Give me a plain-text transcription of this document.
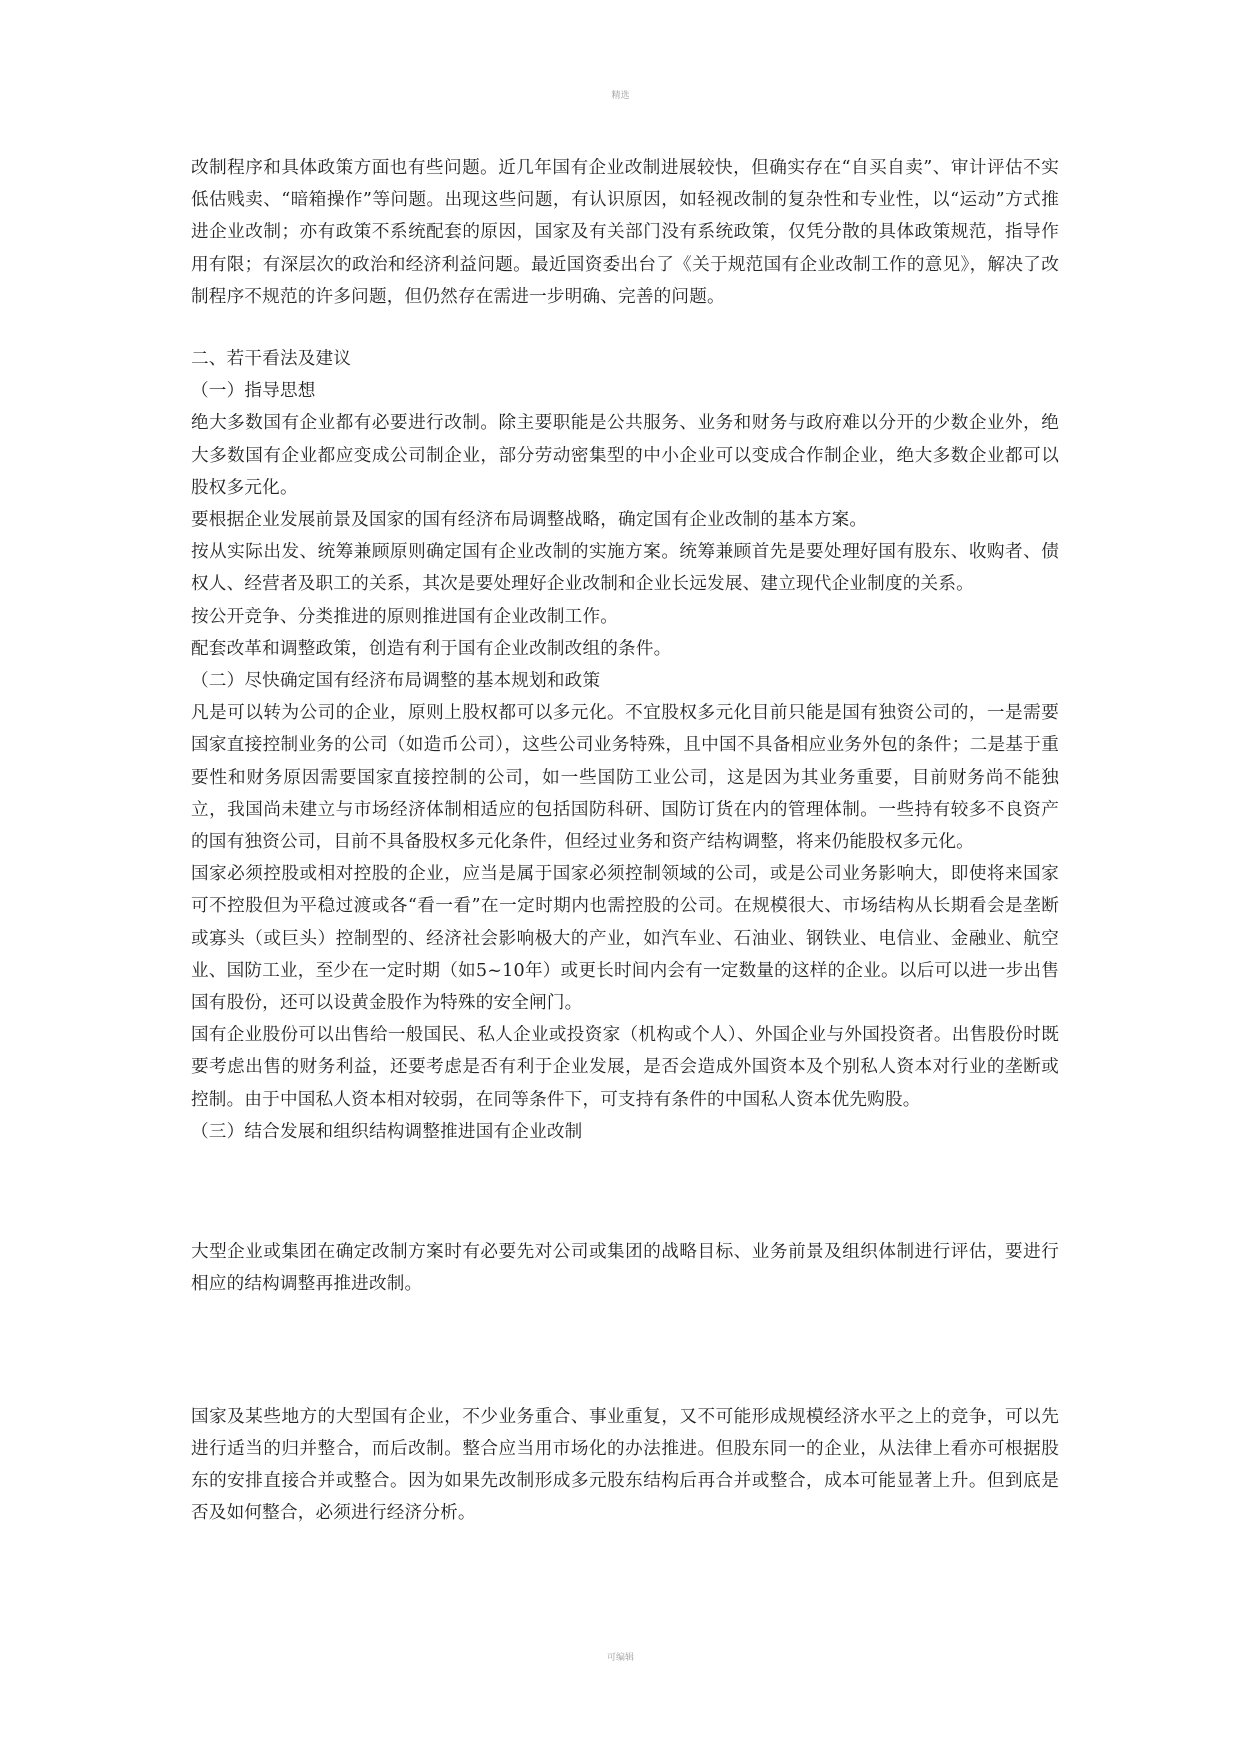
精选

改制程序和具体政策方面也有些问题。近几年国有企业改制进展较快，但确实存在“自买自卖”、审计评估不实低估贱卖、“暗箱操作”等问题。出现这些问题，有认识原因，如轻视改制的复杂性和专业性，以“运动”方式推进企业改制；亦有政策不系统配套的原因，国家及有关部门没有系统政策，仅凭分散的具体政策规范，指导作用有限；有深层次的政治和经济利益问题。最近国资委出台了《关于规范国有企业改制工作的意见》，解决了改制程序不规范的许多问题，但仍然存在需进一步明确、完善的问题。

二、若干看法及建议

（一）指导思想

绝大多数国有企业都有必要进行改制。除主要职能是公共服务、业务和财务与政府难以分开的少数企业外，绝大多数国有企业都应变成公司制企业，部分劳动密集型的中小企业可以变成合作制企业，绝大多数企业都可以股权多元化。

要根据企业发展前景及国家的国有经济布局调整战略，确定国有企业改制的基本方案。

按从实际出发、统筹兼顾原则确定国有企业改制的实施方案。统筹兼顾首先是要处理好国有股东、收购者、债权人、经营者及职工的关系，其次是要处理好企业改制和企业长远发展、建立现代企业制度的关系。

按公开竞争、分类推进的原则推进国有企业改制工作。

配套改革和调整政策，创造有利于国有企业改制改组的条件。

（二）尽快确定国有经济布局调整的基本规划和政策

凡是可以转为公司的企业，原则上股权都可以多元化。不宜股权多元化目前只能是国有独资公司的，一是需要国家直接控制业务的公司（如造币公司），这些公司业务特殊，且中国不具备相应业务外包的条件；二是基于重要性和财务原因需要国家直接控制的公司，如一些国防工业公司，这是因为其业务重要，目前财务尚不能独立，我国尚未建立与市场经济体制相适应的包括国防科研、国防订货在内的管理体制。一些持有较多不良资产的国有独资公司，目前不具备股权多元化条件，但经过业务和资产结构调整，将来仍能股权多元化。

国家必须控股或相对控股的企业，应当是属于国家必须控制领域的公司，或是公司业务影响大，即使将来国家可不控股但为平稳过渡或各“看一看”在一定时期内也需控股的公司。在规模很大、市场结构从长期看会是垄断或寡头（或巨头）控制型的、经济社会影响极大的产业，如汽车业、石油业、钢铁业、电信业、金融业、航空业、国防工业，至少在一定时期（如5~10年）或更长时间内会有一定数量的这样的企业。以后可以进一步出售国有股份，还可以设黄金股作为特殊的安全闸门。

国有企业股份可以出售给一般国民、私人企业或投资家（机构或个人）、外国企业与外国投资者。出售股份时既要考虑出售的财务利益，还要考虑是否有利于企业发展，是否会造成外国资本及个别私人资本对行业的垄断或控制。由于中国私人资本相对较弱，在同等条件下，可支持有条件的中国私人资本优先购股。

（三）结合发展和组织结构调整推进国有企业改制

大型企业或集团在确定改制方案时有必要先对公司或集团的战略目标、业务前景及组织体制进行评估，要进行相应的结构调整再推进改制。

国家及某些地方的大型国有企业，不少业务重合、事业重复，又不可能形成规模经济水平之上的竞争，可以先进行适当的归并整合，而后改制。整合应当用市场化的办法推进。但股东同一的企业，从法律上看亦可根据股东的安排直接合并或整合。因为如果先改制形成多元股东结构后再合并或整合，成本可能显著上升。但到底是否及如何整合，必须进行经济分析。

可编辑
